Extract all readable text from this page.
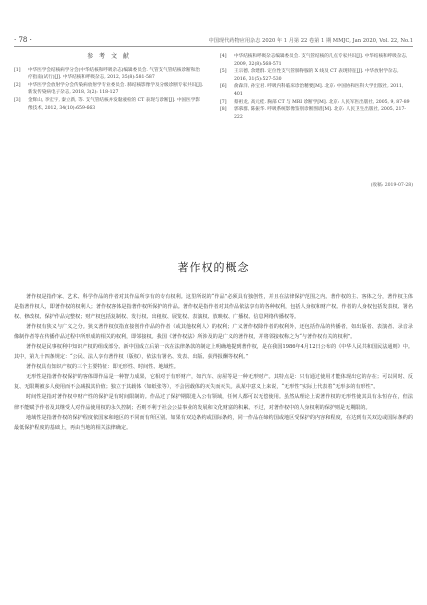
· 78 ·	中国现代药物应用杂志 2020 年 1 月第 22 卷第 1 期 MMJC, Jan 2020, Vol. 22, No.1
参 考 文 献
[1]	中华医学会结核病学分会(中华结核和呼吸杂志)编辑委员会. 气管支气管结核诊断和治疗指南(试行)[J]. 中华结核和呼吸杂志, 2012, 35(8):581-587
[2]	中华医学会放射学分会传染病放射学专业委员会. 肺结核影像学及分级诊断专家共识[J]. 新发传染病电子杂志, 2018, 3(2): 118-127
[3]	金辉山, 李宏宇, 秦立新, 等. 支气管结核并发黏液栓的 CT 表现与诊断[J]. 中国医学影像技术, 2012, 34(10):659-663
[4]	中华结核和呼吸杂志编辑委员会. 支气管结核的几点专家共识[J]. 中华结核和呼吸杂志, 2009, 32(8):568-571
[5]	王宗德, 余建群. 定位性支气管肺脊腺的 X 线及 CT 表现特征[J]. 中华放射学杂志, 2016, 31(5):527-530
[6]	俞森洋, 孙宝君. 呼吸内科临床诊治精要[M]. 北京: 中国协和医科大学出版社, 2011, 401
[7]	蔡祖龙, 高元桂. 胸部 CT 与 MRI 诊断学[M]. 北京: 人民军医出版社, 2005, 9, 87-89
[8]	郭慕群, 陈振华. 呼吸系统影像鉴别诊断图谱[M]. 北京: 人民卫生出版社, 2005, 217-222
(收稿: 2019-07-28)
著作权的概念

著作权是指作家、艺术、科学作品的作者对其作品所享有的专有权利。这里所说的“作品”必须具有独创性，并且在法律保护范围之内。著作权的主、客体之分，著作权主体是指著作权人，即著作权的权利人；著作权客体是指著作权所保护的作品。著作权是指作者对其作品依法享有的各种权利，包括人身权和财产权。作者的人身权包括发表权、署名权、修改权、保护作品完整权；财产权包括复制权、发行权、出租权、展览权、表演权、放映权、广播权、信息网络传播权等。

著作权有狭义与广义之分。狭义著作权仅指直接创作作品的作者（或其他权利人）的权利；广义著作权除作者的权利外，还包括作品的传播者，如出版者、表演者、录音录像制作者等在传播作品过程中所形成的相关的权利，即邻接权。我国《著作权法》所涉及的是广义的著作权，并将邻接权称之为“与著作权有关的权利”。

著作权是民事权利中知识产权的组成部分。新中国成立后第一次在法律条款的制定上明确地提到著作权，是在我国1986年4月12日公布的《中华人民共和国民法通则》中。其中，第九十四条规定：“公民、法人享有著作权（版权），依法有署名、发表、出版、获得报酬等权利。”

著作权具有知识产权的三个主要特征：即无形性、时间性、地域性。

无形性是指著作权保护的客体即作品是一种智力成果，它相对于有形财产，如汽车、房屋等是一种无形财产。其特点是：只有通过使用才能体现出它的存在；可以同时、反复、无限期被多人使用而不会减损其价值；独立于其载体（如纸张等），不会因载体的灭失而灭失。从某中意义上来说，“无形性”实际上代表着“无形多的有形性”。

时间性是指对著作权中财产性的保护是有时间限制的。作品过了保护期限进入公有领域，任何人都可以无偿使用。虽然从理论上说著作权的无形性使其具有永恒存在，但法律不能赋予作者及其继受人对作品使用权的永久控制；否则不利于社会公益事业的发展和文化财富的积累。不过，对著作权中的人身权利的保护则是无期限的。

地域性是指著作权的保护程度依国家和地区的不同而有所区别。如果有双边条约或国际条约，同一作品在缔约国或地区受保护的内容和程度，在达到有关双边或国际条约的最低保护程度的基础上，再由当地的相关法律确定。
